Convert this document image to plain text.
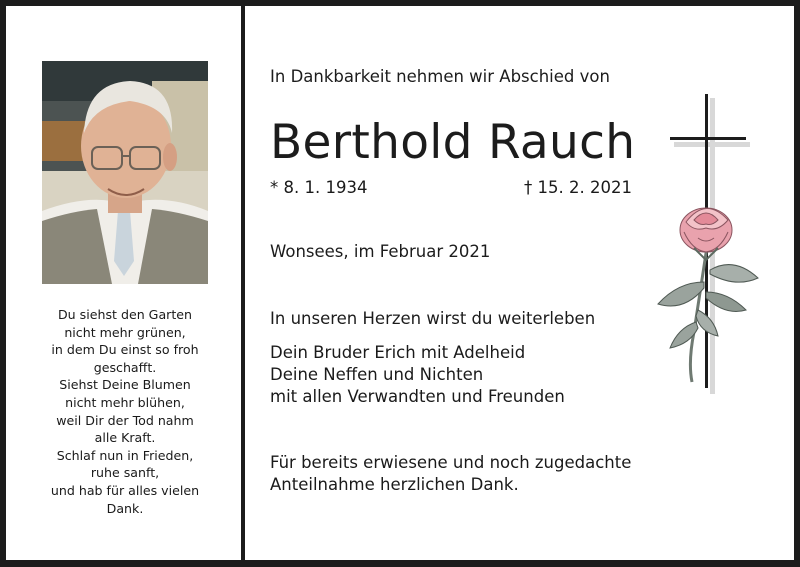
Du siehst den Garten
nicht mehr grünen,
in dem Du einst so froh
geschafft.
Siehst Deine Blumen
nicht mehr blühen,
weil Dir der Tod nahm
alle Kraft.
Schlaf nun in Frieden,
ruhe sanft,
und hab für alles vielen
Dank.
In Dankbarkeit nehmen wir Abschied von
Berthold Rauch
* 8. 1. 1934	† 15. 2. 2021
Wonsees, im Februar 2021
In unseren Herzen wirst du weiterleben
Dein Bruder Erich mit Adelheid
Deine Neffen und Nichten
mit allen Verwandten und Freunden
Für bereits erwiesene und noch zugedachte
Anteilnahme herzlichen Dank.
